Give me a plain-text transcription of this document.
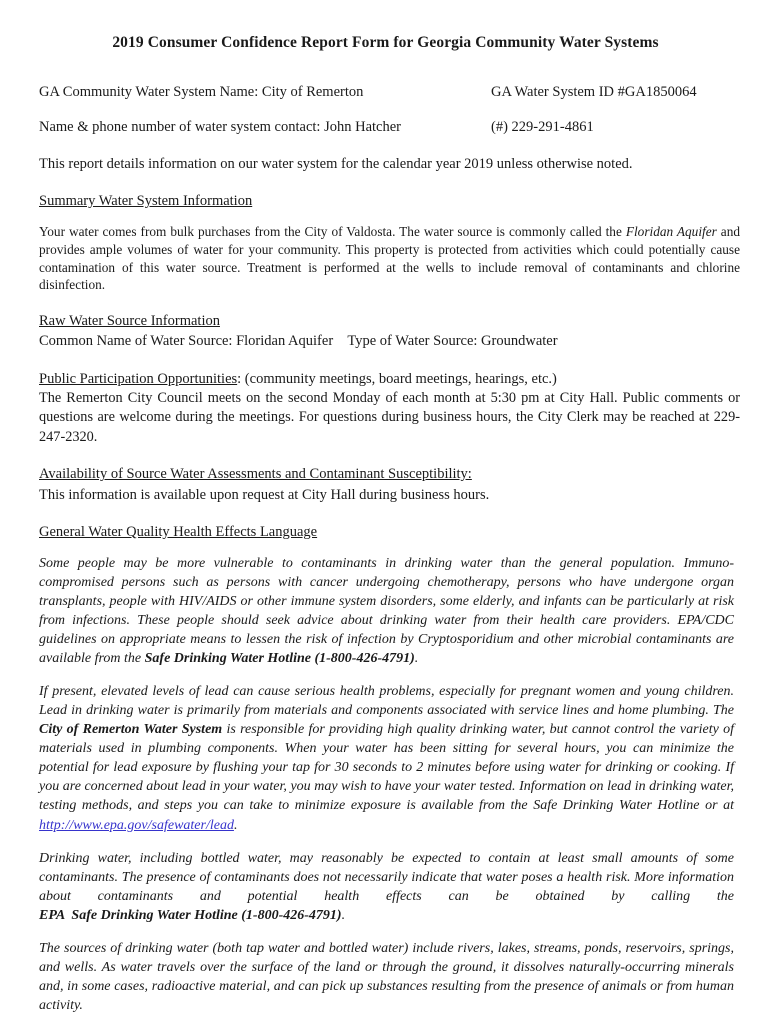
2019 Consumer Confidence Report Form for Georgia Community Water Systems
GA Community Water System Name: City of Remerton	GA Water System ID #GA1850064
Name & phone number of water system contact: John Hatcher	(#) 229-291-4861
This report details information on our water system for the calendar year 2019 unless otherwise noted.
Summary Water System Information
Your water comes from bulk purchases from the City of Valdosta. The water source is commonly called the Floridan Aquifer and provides ample volumes of water for your community. This property is protected from activities which could potentially cause contamination of this water source. Treatment is performed at the wells to include removal of contaminants and chlorine disinfection.
Raw Water Source Information
Common Name of Water Source: Floridan Aquifer Type of Water Source: Groundwater
Public Participation Opportunities: (community meetings, board meetings, hearings, etc.)
The Remerton City Council meets on the second Monday of each month at 5:30 pm at City Hall. Public comments or questions are welcome during the meetings. For questions during business hours, the City Clerk may be reached at 229-247-2320.
Availability of Source Water Assessments and Contaminant Susceptibility:
This information is available upon request at City Hall during business hours.
General Water Quality Health Effects Language
Some people may be more vulnerable to contaminants in drinking water than the general population. Immuno-compromised persons such as persons with cancer undergoing chemotherapy, persons who have undergone organ transplants, people with HIV/AIDS or other immune system disorders, some elderly, and infants can be particularly at risk from infections. These people should seek advice about drinking water from their health care providers. EPA/CDC guidelines on appropriate means to lessen the risk of infection by Cryptosporidium and other microbial contaminants are available from the Safe Drinking Water Hotline (1-800-426-4791).
If present, elevated levels of lead can cause serious health problems, especially for pregnant women and young children. Lead in drinking water is primarily from materials and components associated with service lines and home plumbing. The City of Remerton Water System is responsible for providing high quality drinking water, but cannot control the variety of materials used in plumbing components. When your water has been sitting for several hours, you can minimize the potential for lead exposure by flushing your tap for 30 seconds to 2 minutes before using water for drinking or cooking. If you are concerned about lead in your water, you may wish to have your water tested. Information on lead in drinking water, testing methods, and steps you can take to minimize exposure is available from the Safe Drinking Water Hotline or at http://www.epa.gov/safewater/lead.
Drinking water, including bottled water, may reasonably be expected to contain at least small amounts of some contaminants. The presence of contaminants does not necessarily indicate that water poses a health risk. More information about contaminants and potential health effects can be obtained by calling the EPA  Safe Drinking Water Hotline (1-800-426-4791).
The sources of drinking water (both tap water and bottled water) include rivers, lakes, streams, ponds, reservoirs, springs, and wells. As water travels over the surface of the land or through the ground, it dissolves naturally-occurring minerals and, in some cases, radioactive material, and can pick up substances resulting from the presence of animals or from human activity.
